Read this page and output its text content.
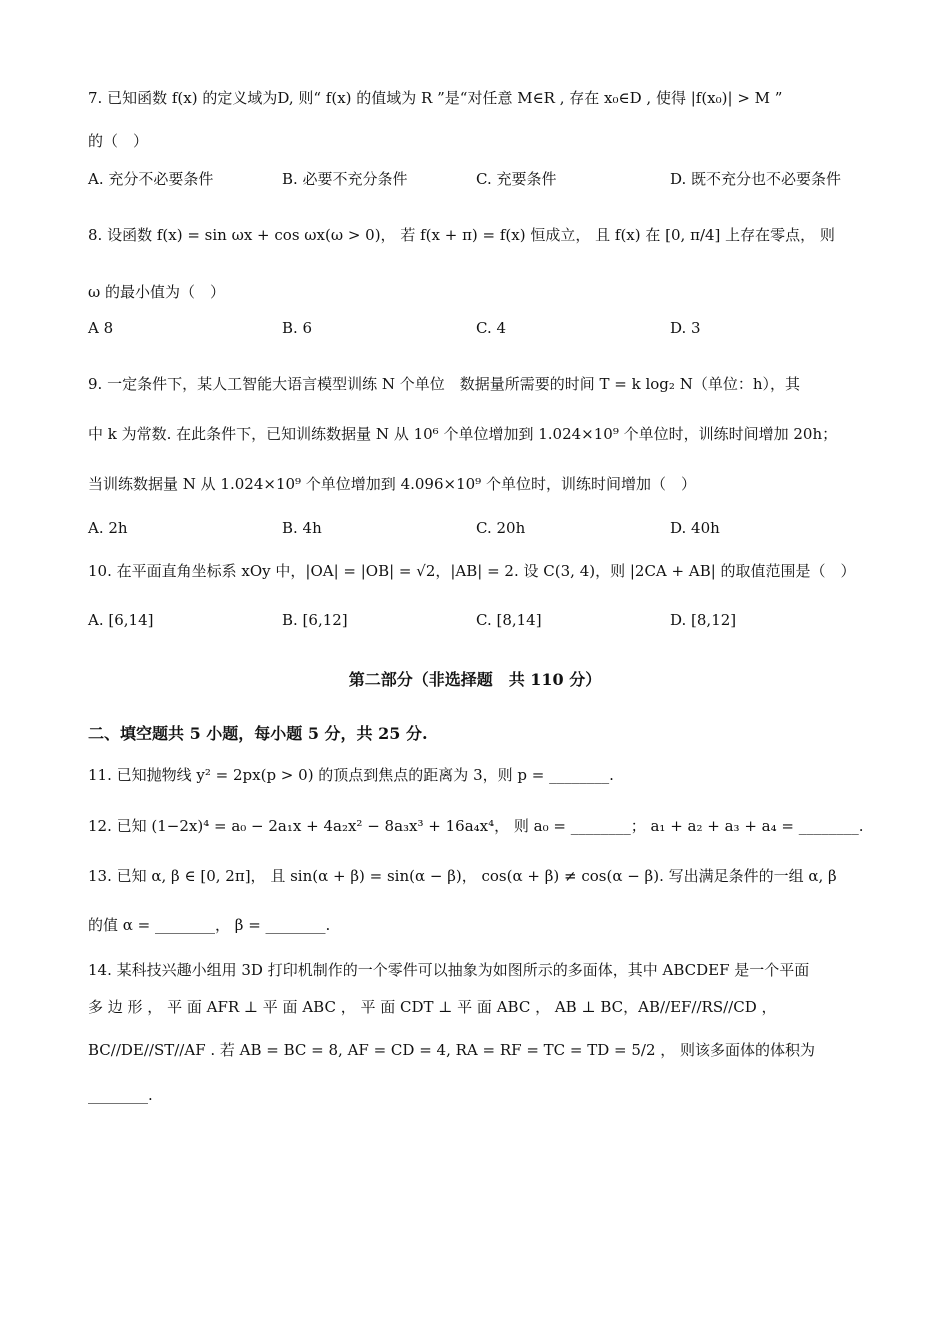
7. 已知函数 f(x) 的定义域为D, 则“ f(x) 的值域为 R ”是“对任意 M∈R , 存在 x₀∈D , 使得 |f(x₀)| > M ”
的（　）
A. 充分不必要条件	B. 必要不充分条件	C. 充要条件	D. 既不充分也不必要条件
8. 设函数 f(x) = sin ωx + cos ωx(ω > 0)， 若 f(x + π) = f(x) 恒成立， 且 f(x) 在 [0, π/4] 上存在零点， 则
ω 的最小值为（　）
A 8	B. 6	C. 4	D. 3
9. 一定条件下，某人工智能大语言模型训练 N 个单位　数据量所需要的时间 T = k log₂ N（单位：h），其
中 k 为常数. 在此条件下，已知训练数据量 N 从 10⁶ 个单位增加到 1.024×10⁹ 个单位时，训练时间增加 20h；
当训练数据量 N 从 1.024×10⁹ 个单位增加到 4.096×10⁹ 个单位时，训练时间增加（　）
A. 2h	B. 4h	C. 20h	D. 40h
10. 在平面直角坐标系 xOy 中，|OA| = |OB| = √2，|AB| = 2. 设 C(3, 4)，则 |2CA + AB| 的取值范围是（　）
A. [6,14]	B. [6,12]	C. [8,14]	D. [8,12]
第二部分（非选择题　共 110 分）
二、填空题共 5 小题，每小题 5 分，共 25 分.
11. 已知抛物线 y² = 2px(p > 0) 的顶点到焦点的距离为 3，则 p = ________.
12. 已知 (1−2x)⁴ = a₀ − 2a₁x + 4a₂x² − 8a₃x³ + 16a₄x⁴， 则 a₀ = ________； a₁ + a₂ + a₃ + a₄ = ________.
13. 已知 α, β ∈ [0, 2π]， 且 sin(α + β) = sin(α − β)， cos(α + β) ≠ cos(α − β). 写出满足条件的一组 α, β
的值 α = ________， β = ________.
14. 某科技兴趣小组用 3D 打印机制作的一个零件可以抽象为如图所示的多面体，其中 ABCDEF 是一个平面
多 边 形 ， 平 面 AFR ⊥ 平 面 ABC ， 平 面 CDT ⊥ 平 面 ABC ， AB ⊥ BC，AB//EF//RS//CD ，
BC//DE//ST//AF . 若 AB = BC = 8, AF = CD = 4, RA = RF = TC = TD = 5/2 ， 则该多面体的体积为
________.
